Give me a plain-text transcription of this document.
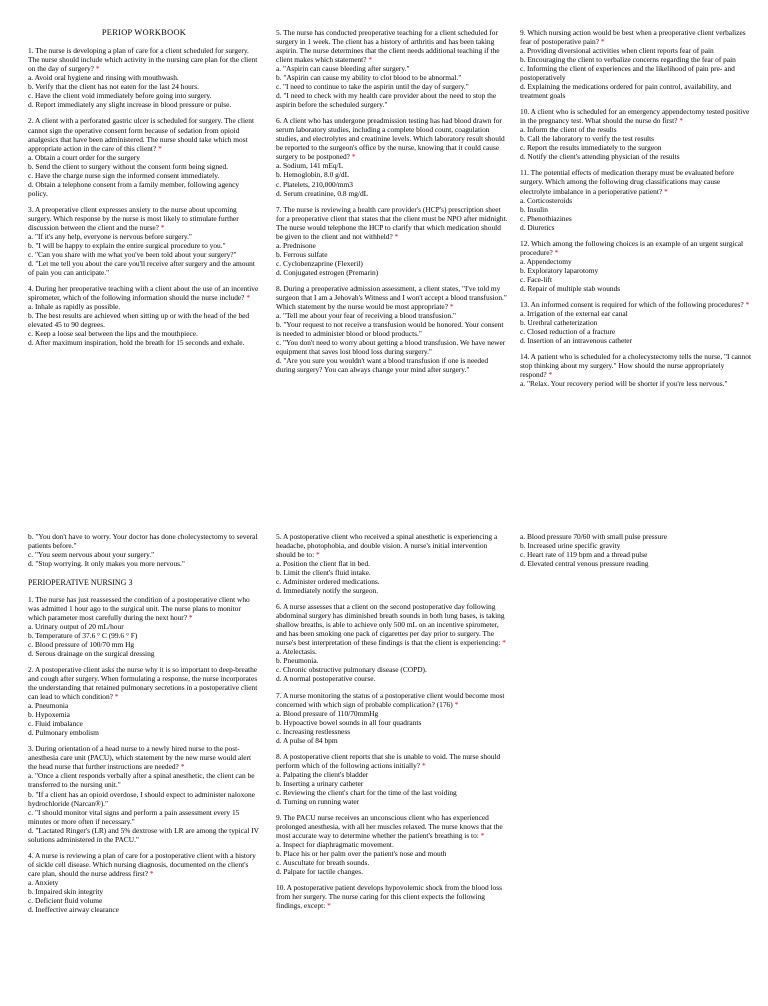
PERIOP WORKBOOK
1. The nurse is developing a plan of care for a client scheduled for surgery. The nurse should include which activity in the nursing care plan for the client on the day of surgery? *
a. Avoid oral hygiene and rinsing with mouthwash.
b. Verify that the client has not eaten for the last 24 hours.
c. Have the client void immediately before going into surgery.
d. Report immediately any slight increase in blood pressure or pulse.
2. A client with a perforated gastric ulcer is scheduled for surgery. The client cannot sign the operative consent form because of sedation from opioid analgesics that have been administered. The nurse should take which most appropriate action in the care of this client? *
a. Obtain a court order for the surgery
b. Send the client to surgery without the consent form being signed.
c. Have the charge nurse sign the informed consent immediately.
d. Obtain a telephone consent from a family member, following agency policy.
3. A preoperative client expresses anxiety to the nurse about upcoming surgery. Which response by the nurse is most likely to stimulate further discussion between the client and the nurse? *
a. "If it's any help, everyone is nervous before surgery."
b. "I will be happy to explain the entire surgical procedure to you."
c. "Can you share with me what you've been told about your surgery?"
d. "Let me tell you about the care you'll receive after surgery and the amount of pain you can anticipate."
4. During her preoperative teaching with a client about the use of an incentive spirometer, which of the following information should the nurse include? *
a. Inhale as rapidly as possible.
b. The best results are achieved when sitting up or with the head of the bed elevated 45 to 90 degrees.
c. Keep a loose seal between the lips and the mouthpiece.
d. After maximum inspiration, hold the breath for 15 seconds and exhale.
5. The nurse has conducted preoperative teaching for a client scheduled for surgery in 1 week. The client has a history of arthritis and has been taking aspirin. The nurse determines that the client needs additional teaching if the client makes which statement? *
a. "Aspirin can cause bleeding after surgery."
b. "Aspirin can cause my ability to clot blood to be abnormal."
c. "I need to continue to take the aspirin until the day of surgery."
d. "I need to check with my health care provider about the need to stop the aspirin before the scheduled surgery."
6. A client who has undergone preadmission testing has had blood drawn for serum laboratory studies, including a complete blood count, coagulation studies, and electrolytes and creatinine levels. Which laboratory result should be reported to the surgeon's office by the nurse, knowing that it could cause surgery to be postponed? *
a. Sodium, 141 mEq/L
b. Hemoglobin, 8.0 g/dL
c. Platelets, 210,000/mm3
d. Serum creatinine, 0.8 mg/dL
7. The nurse is reviewing a health care provider's (HCP's) prescription sheet for a preoperative client that states that the client must be NPO after midnight. The nurse would telephone the HCP to clarify that which medication should be given to the client and not withheld? *
a. Prednisone
b. Ferrous sulfate
c. Cyclobenzaprine (Flexeril)
d. Conjugated estrogen (Premarin)
8. During a preoperative admission assessment, a client states, "I've told my surgeon that I am a Jehovah's Witness and I won't accept a blood transfusion." Which statement by the nurse would be most appropriate? *
a. "Tell me about your fear of receiving a blood transfusion."
b. "Your request to not receive a transfusion would be honored. Your consent is needed to administer blood or blood products."
c. "You don't need to worry about getting a blood transfusion. We have newer equipment that saves lost blood loss during surgery."
d. "Are you sure you wouldn't want a blood transfusion if one is needed during surgery? You can always change your mind after surgery."
9. Which nursing action would be best when a preoperative client verbalizes fear of postoperative pain? *
a. Providing diversional activities when client reports fear of pain
b. Encouraging the client to verbalize concerns regarding the fear of pain
c. Informing the client of experiences and the likelihood of pain pre- and postoperatively
d. Explaining the medications ordered for pain control, availability, and treatment goals
10. A client who is scheduled for an emergency appendectomy tested positive in the pregnancy test. What should the nurse do first? *
a. Inform the client of the results
b. Call the laboratory to verify the test results
c. Report the results immediately to the surgeon
d. Notify the client's attending physician of the results
11. The potential effects of medication therapy must be evaluated before surgery. Which among the following drug classifications may cause electrolyte imbalance in a perioperative patient? *
a. Corticosteroids
b. Insulin
c. Phenothiazines
d. Diuretics
12. Which among the following choices is an example of an urgent surgical procedure? *
a. Appendectomy
b. Exploratory laparotomy
c. Face-lift
d. Repair of multiple stab wounds
13. An informed consent is required for which of the following procedures? *
a. Irrigation of the external ear canal
b. Urethral catheterization
c. Closed reduction of a fracture
d. Insertion of an intravenous catheter
14. A patient who is scheduled for a cholecystectomy tells the nurse, "I cannot stop thinking about my surgery." How should the nurse appropriately respond? *
a. "Relax. Your recovery period will be shorter if you're less nervous."
b. "You don't have to worry. Your doctor has done cholecystectomy to several patients before."
c. "You seem nervous about your surgery."
d. "Stop worrying. It only makes you more nervous."
PERIOPERATIVE NURSING 3
1. The nurse has just reassessed the condition of a postoperative client who was admitted 1 hour ago to the surgical unit. The nurse plans to monitor which parameter most carefully during the next hour? *
a. Urinary output of 20 mL/hour
b. Temperature of 37.6 ° C (99.6 ° F)
c. Blood pressure of 100/70 mm Hg
d. Serous drainage on the surgical dressing
2. A postoperative client asks the nurse why it is so important to deep-breathe and cough after surgery. When formulating a response, the nurse incorporates the understanding that retained pulmonary secretions in a postoperative client can lead to which condition? *
a. Pneumonia
b. Hypoxemia
c. Fluid imbalance
d. Pulmonary embolism
3. During orientation of a head nurse to a newly hired nurse to the post-anesthesia care unit (PACU), which statement by the new nurse would alert the head nurse that further instructions are needed? *
a. "Once a client responds verbally after a spinal anesthetic, the client can be transferred to the nursing unit."
b. "If a client has an opioid overdose, I should expect to administer naloxone hydrochloride (Narcan®)."
c. "I should monitor vital signs and perform a pain assessment every 15 minutes or more often if necessary."
d. "Lactated Ringer's (LR) and 5% dextrose with LR are among the typical IV solutions administered in the PACU."
4. A nurse is reviewing a plan of care for a postoperative client with a history of sickle cell disease. Which nursing diagnosis, documented on the client's care plan, should the nurse address first? *
a. Anxiety
b. Impaired skin integrity
c. Deficient fluid volume
d. Ineffective airway clearance
5. A postoperative client who received a spinal anesthetic is experiencing a headache, photophobia, and double vision. A nurse's initial intervention should be to: *
a. Position the client flat in bed.
b. Limit the client's fluid intake.
c. Administer ordered medications.
d. Immediately notify the surgeon.
6. A nurse assesses that a client on the second postoperative day following abdominal surgery has diminished breath sounds in both lung bases, is taking shallow breaths, is able to achieve only 500 mL on an incentive spirometer, and has been smoking one pack of cigarettes per day prior to surgery. The nurse's best interpretation of these findings is that the client is experiencing: *
a. Atelectasis.
b. Pneumonia.
c. Chronic obstructive pulmonary disease (COPD).
d. A normal postoperative course.
7. A nurse monitoring the status of a postoperative client would become most concerned with which sign of probable complication? (176) *
a. Blood pressure of 110/70mmHg
b. Hypoactive bowel sounds in all four quadrants
c. Increasing restlessness
d. A pulse of 84 bpm
8. A postoperative client reports that she is unable to void. The nurse should perform which of the following actions initially? *
a. Palpating the client's bladder
b. Inserting a urinary catheter
c. Reviewing the client's chart for the time of the last voiding
d. Turning on running water
9. The PACU nurse receives an unconscious client who has experienced prolonged anesthesia, with all her muscles relaxed. The nurse knows that the most accurate way to determine whether the patient's breathing is to: *
a. Inspect for diaphragmatic movement.
b. Place his or her palm over the patient's nose and mouth
c. Auscultate for breath sounds.
d. Palpate for tactile changes.
10. A postoperative patient develops hypovolemic shock from the blood loss from her surgery. The nurse caring for this client expects the following findings, except: *
a. Blood pressure 70/60 with small pulse pressure
b. Increased urine specific gravity
c. Heart rate of 119 bpm and a thread pulse
d. Elevated central venous pressure reading
